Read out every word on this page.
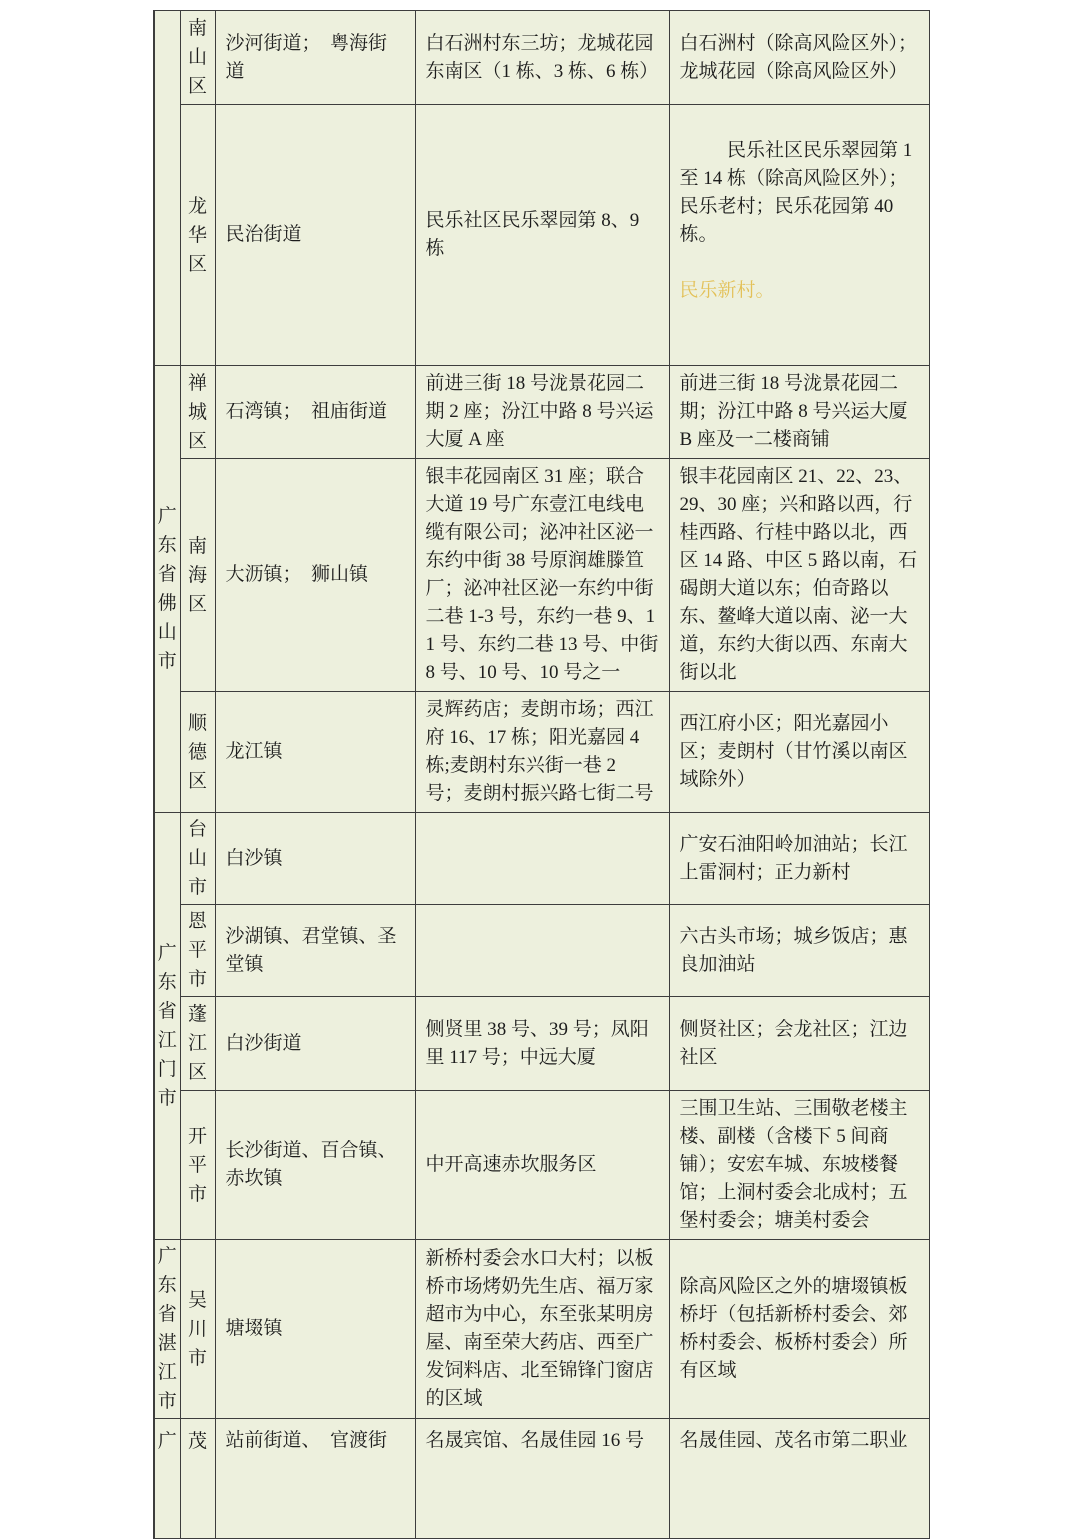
	南山区	沙河街道；  粤海街道	白石洲村东三坊；龙城花园东南区（1 栋、3 栋、6 栋）	白石洲村（除高风险区外）；龙城花园（除高风险区外）
	龙华区	民治街道	民乐社区民乐翠园第 8、9 栋	民乐社区民乐翠园第 1 至 14 栋（除高风险区外）；民乐老村；民乐花园第 40 栋。

民乐新村。

广东省佛山市	禅城区	石湾镇；  祖庙街道	前进三街 18 号泷景花园二期 2 座；汾江中路 8 号兴运大厦 A 座	前进三街 18 号泷景花园二期；汾江中路 8 号兴运大厦 B 座及一二楼商铺
	南海区	大沥镇；  狮山镇	银丰花园南区 31 座；联合大道 19 号广东壹江电线电缆有限公司；泌冲社区泌一东约中街 38 号原润雄滕笪厂；泌冲社区泌一东约中街二巷 1-3 号，东约一巷 9、11 号、东约二巷 13 号、中街 8 号、10 号、10 号之一	银丰花园南区 21、22、23、29、30 座；兴和路以西，行桂西路、行桂中路以北，西区 14 路、中区 5 路以南，石碣朗大道以东；伯奇路以东、鳌峰大道以南、泌一大道，东约大街以西、东南大街以北
	顺德区	龙江镇	灵辉药店；麦朗市场；西江府 16、17 栋；阳光嘉园 4 栋;麦朗村东兴街一巷 2 号；麦朗村振兴路七街二号	西江府小区；阳光嘉园小区；麦朗村（甘竹溪以南区域除外）
广东省江门市	台山市	白沙镇		广安石油阳岭加油站；长江上雷洞村；正力新村
	恩平市	沙湖镇、君堂镇、圣堂镇		六古头市场；城乡饭店；惠良加油站
	蓬江区	白沙街道	侧贤里 38 号、39 号；凤阳里 117 号；中远大厦	侧贤社区；会龙社区；江边社区
	开平市	长沙街道、百合镇、赤坎镇	中开高速赤坎服务区	三围卫生站、三围敬老楼主楼、副楼（含楼下 5 间商铺）；安宏车城、东坡楼餐馆；上洞村委会北成村；五堡村委会；塘美村委会
广东省湛江市	吴川市	塘㙍镇	新桥村委会水口大村；以板桥市场烤奶先生店、福万家超市为中心，东至张某明房屋、南至荣大药店、西至广发饲料店、北至锦锋门窗店的区域	除高风险区之外的塘㙍镇板桥圩（包括新桥村委会、郊桥村委会、板桥村委会）所有区域
广	茂	站前街道、  官渡街	名晟宾馆、名晟佳园 16 号	名晟佳园、茂名市第二职业
